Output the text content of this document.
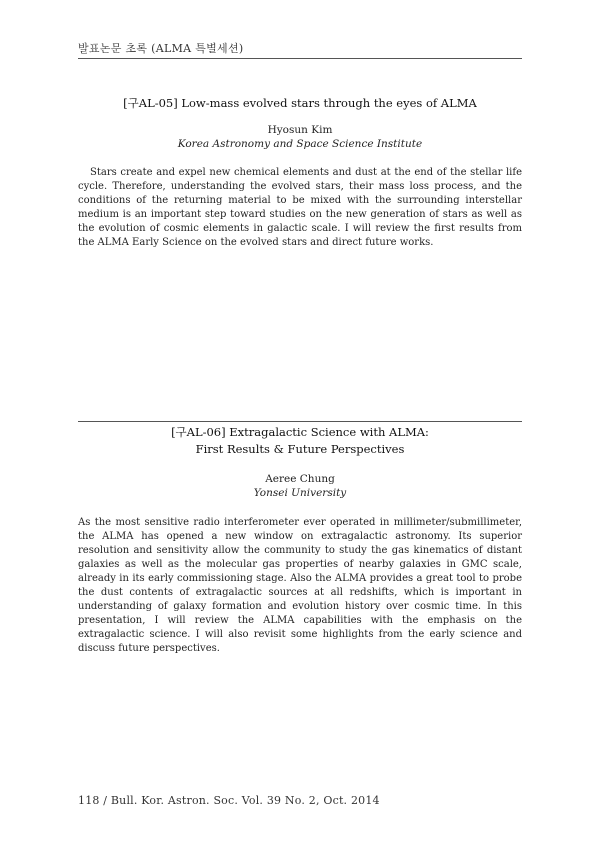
발표논문 초록 (ALMA 특별세션)
[구AL-05] Low-mass evolved stars through the eyes of ALMA
Hyosun Kim
Korea Astronomy and Space Science Institute

Stars create and expel new chemical elements and dust at the end of the stellar life cycle. Therefore, understanding the evolved stars, their mass loss process, and the conditions of the returning material to be mixed with the surrounding interstellar medium is an important step toward studies on the new generation of stars as well as the evolution of cosmic elements in galactic scale. I will review the first results from the ALMA Early Science on the evolved stars and direct future works.

[구AL-06] Extragalactic Science with ALMA:
First Results & Future Perspectives
Aeree Chung
Yonsei University

As the most sensitive radio interferometer ever operated in millimeter/submillimeter, the ALMA has opened a new window on extragalactic astronomy. Its superior resolution and sensitivity allow the community to study the gas kinematics of distant galaxies as well as the molecular gas properties of nearby galaxies in GMC scale, already in its early commissioning stage. Also the ALMA provides a great tool to probe the dust contents of extragalactic sources at all redshifts, which is important in understanding of galaxy formation and evolution history over cosmic time. In this presentation, I will review the ALMA capabilities with the emphasis on the extragalactic science. I will also revisit some highlights from the early science and discuss future perspectives.

118 / Bull. Kor. Astron. Soc. Vol. 39 No. 2, Oct. 2014
